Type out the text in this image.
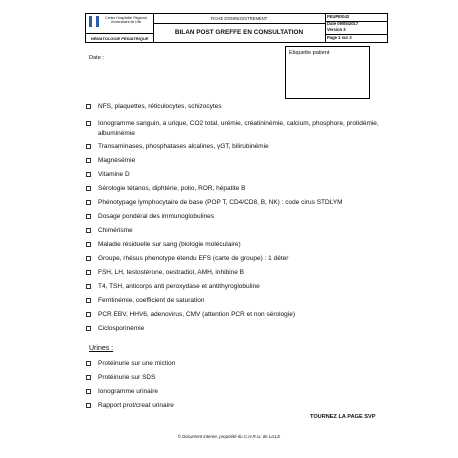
Centre Hospitalier Régional
Universitaire de Lille
HÉMATOLOGIE PÉDIATRIQUE
FICHE D'ENREGISTREMENT
BILAN POST GREFFE EN CONSULTATION
FEUPE/043
Date 09/05/2017
Version 3
Page 1 sur 2
Date :
Etiquette patient
NFS, plaquettes, réticulocytes, schizocytes
Ionogramme sanguin, a urique, CO2 total, urémie, créatininémie, calcium, phosphore, protidémie,
albuminémie
Transaminases, phosphatases alcalines, γGT, bilirubinémie
Magnésémie
Vitamine D
Sérologie tétanos, diphtérie, polio, ROR, hépatite B
Phénotypage lymphocytaire de base (POP T, CD4/CD8, B, NK) : code cirus STDLYM
Dosage pondéral des immunoglobulines
Chimérisme
Maladie résiduelle sur sang (biologie moléculaire)
Groupe, rhésus phenotype étendu EFS (carte de groupe) : 1 déter
FSH, LH, testostérone, oestradiol, AMH, inhibine B
T4, TSH, anticorps anti peroxydase et antithyroglobuline
Ferritinémie, coefficient de saturation
PCR EBV, HHV6, adenovirus, CMV (attention PCR et non sérologie)
Ciclosporinémie
Urines :
Protéinurie sur une miction
Protéinurie sur SDS
Ionogramme urinaire
Rapport prot/creat urinaire
TOURNEZ LA PAGE SVP
© Document interne, propriété du C.H.R.U. de LILLE
